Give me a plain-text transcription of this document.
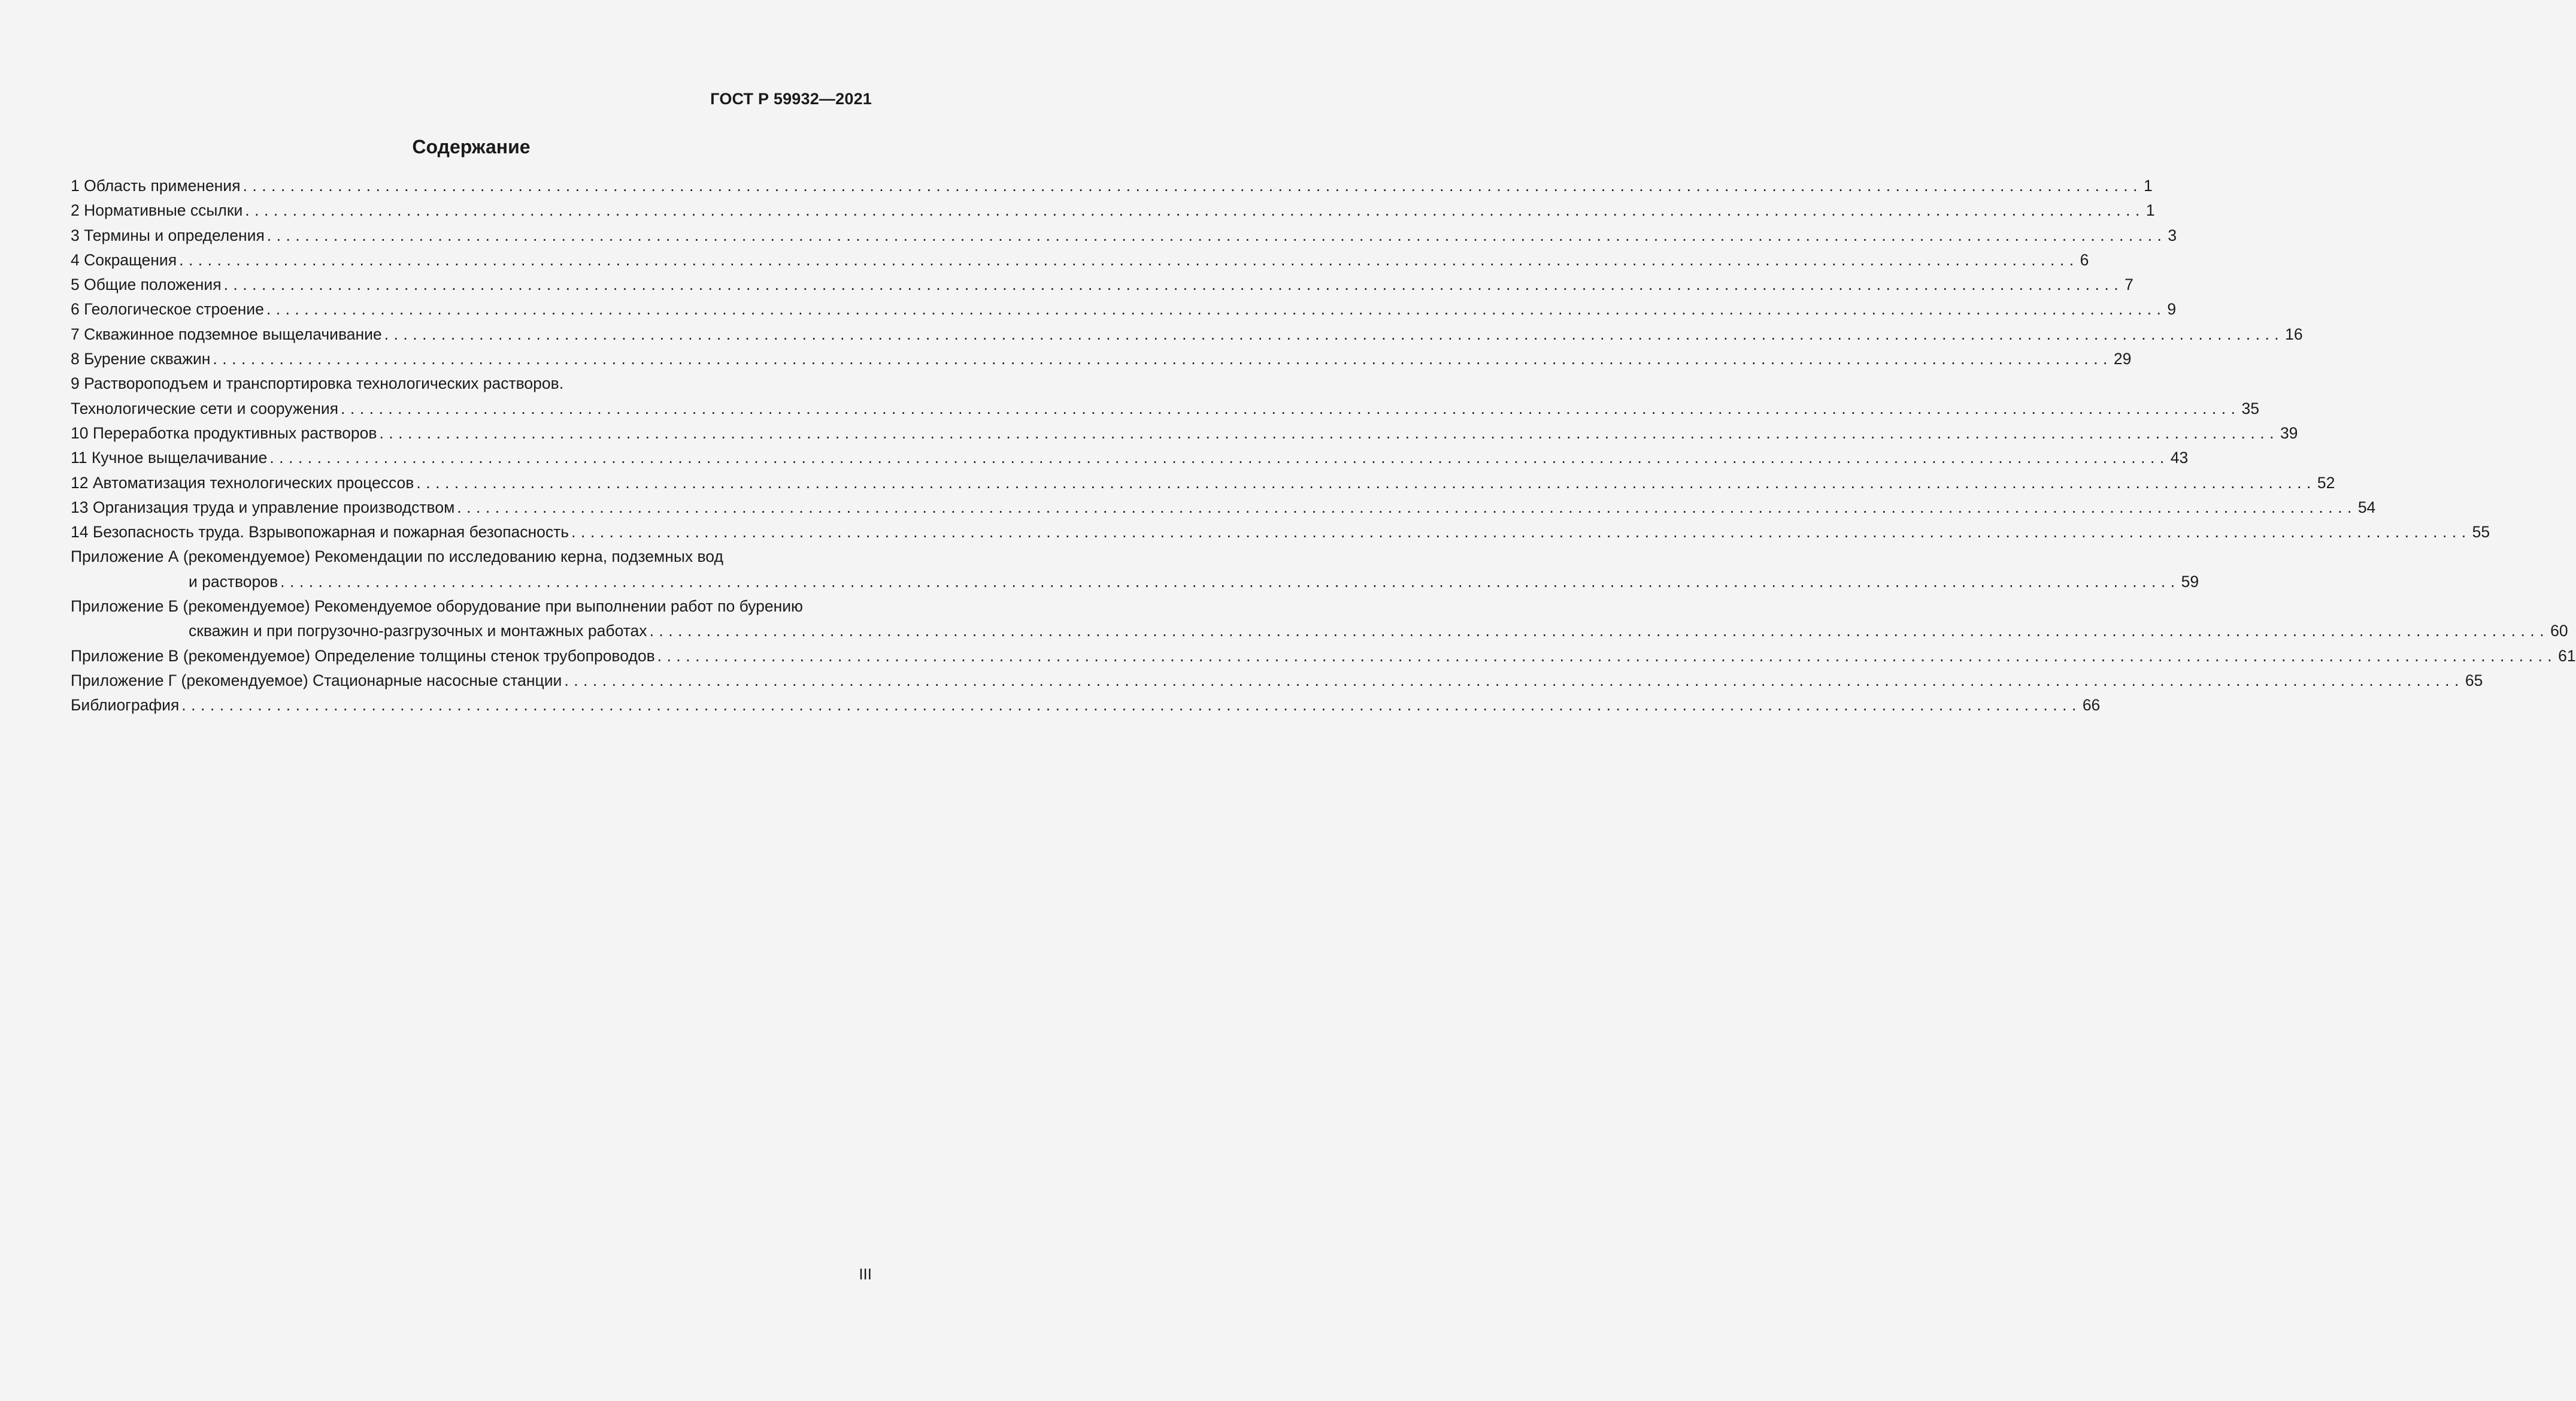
ГОСТ Р 59932—2021
Содержание
1 Область применения ........................................................................................................................................................................................................ 1
2 Нормативные ссылки ........................................................................................................................................................................................................ 1
3 Термины и определения ........................................................................................................................................................................................................ 3
4 Сокращения ........................................................................................................................................................................................................ 6
5 Общие положения ........................................................................................................................................................................................................ 7
6 Геологическое строение ........................................................................................................................................................................................................ 9
7 Скважинное подземное выщелачивание ........................................................................................................................................................................................................ 16
8 Бурение скважин ........................................................................................................................................................................................................ 29
9 Раствороподъем и транспортировка технологических растворов.
Технологические сети и сооружения ........................................................................................................................................................................................................ 35
10 Переработка продуктивных растворов ........................................................................................................................................................................................................ 39
11 Кучное выщелачивание ........................................................................................................................................................................................................ 43
12 Автоматизация технологических процессов ........................................................................................................................................................................................................ 52
13 Организация труда и управление производством ........................................................................................................................................................................................................ 54
14 Безопасность труда. Взрывопожарная и пожарная безопасность ........................................................................................................................................................................................................ 55
Приложение А (рекомендуемое) Рекомендации по исследованию керна, подземных вод
и растворов ........................................................................................................................................................................................................ 59
Приложение Б (рекомендуемое) Рекомендуемое оборудование при выполнении работ по бурению
скважин и при погрузочно-разгрузочных и монтажных работах ........................................................................................................................................................................................................ 60
Приложение В (рекомендуемое) Определение толщины стенок трубопроводов ........................................................................................................................................................................................................ 61
Приложение Г (рекомендуемое) Стационарные насосные станции ........................................................................................................................................................................................................ 65
Библиография ........................................................................................................................................................................................................ 66
III
